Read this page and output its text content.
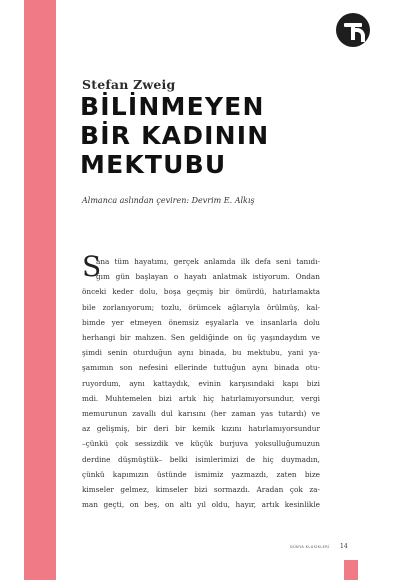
Stefan Zweig
BİLİNMEYEN
BİR KADININ
MEKTUBU
Almanca aslından çeviren: Devrim E. Alkış
S
ana tüm hayatımı, gerçek anlamda ilk defa seni tanıdı-
ğım gün başlayan o hayatı anlatmak istiyorum. Ondan
önceki keder dolu, boşa geçmiş bir ömürdü, hatırlamakta
bile zorlanıyorum; tozlu, örümcek ağlarıyla örülmüş, kal-
bimde yer etmeyen önemsiz eşyalarla ve insanlarla dolu
herhangi bir mahzen. Sen geldiğinde on üç yaşındaydım ve
şimdi senin oturduğun aynı binada, bu mektubu, yani ya-
şamımın son nefesini ellerinde tuttuğun aynı binada otu-
ruyordum, aynı kattaydık, evinin karşısındaki kapı bizi
mdi. Muhtemelen bizi artık hiç hatırlamıyorsundur, vergi
memurunun zavallı dul karısını (her zaman yas tutardı) ve
az gelişmiş, bir deri bir kemik kızını hatırlamıyorsundur
–çünkü çok sessizdik ve küçük burjuva yoksulluğumuzun
derdine düşmüştük– belki isimlerimizi de hiç duymadın,
çünkü kapımızın üstünde ismimiz yazmazdı, zaten bize
kimseler gelmez, kimseler bizi sormazdı. Aradan çok za-
man geçti, on beş, on altı yıl oldu, hayır, artık kesinlikle
DÜNYA KLASİKLERİ 14
